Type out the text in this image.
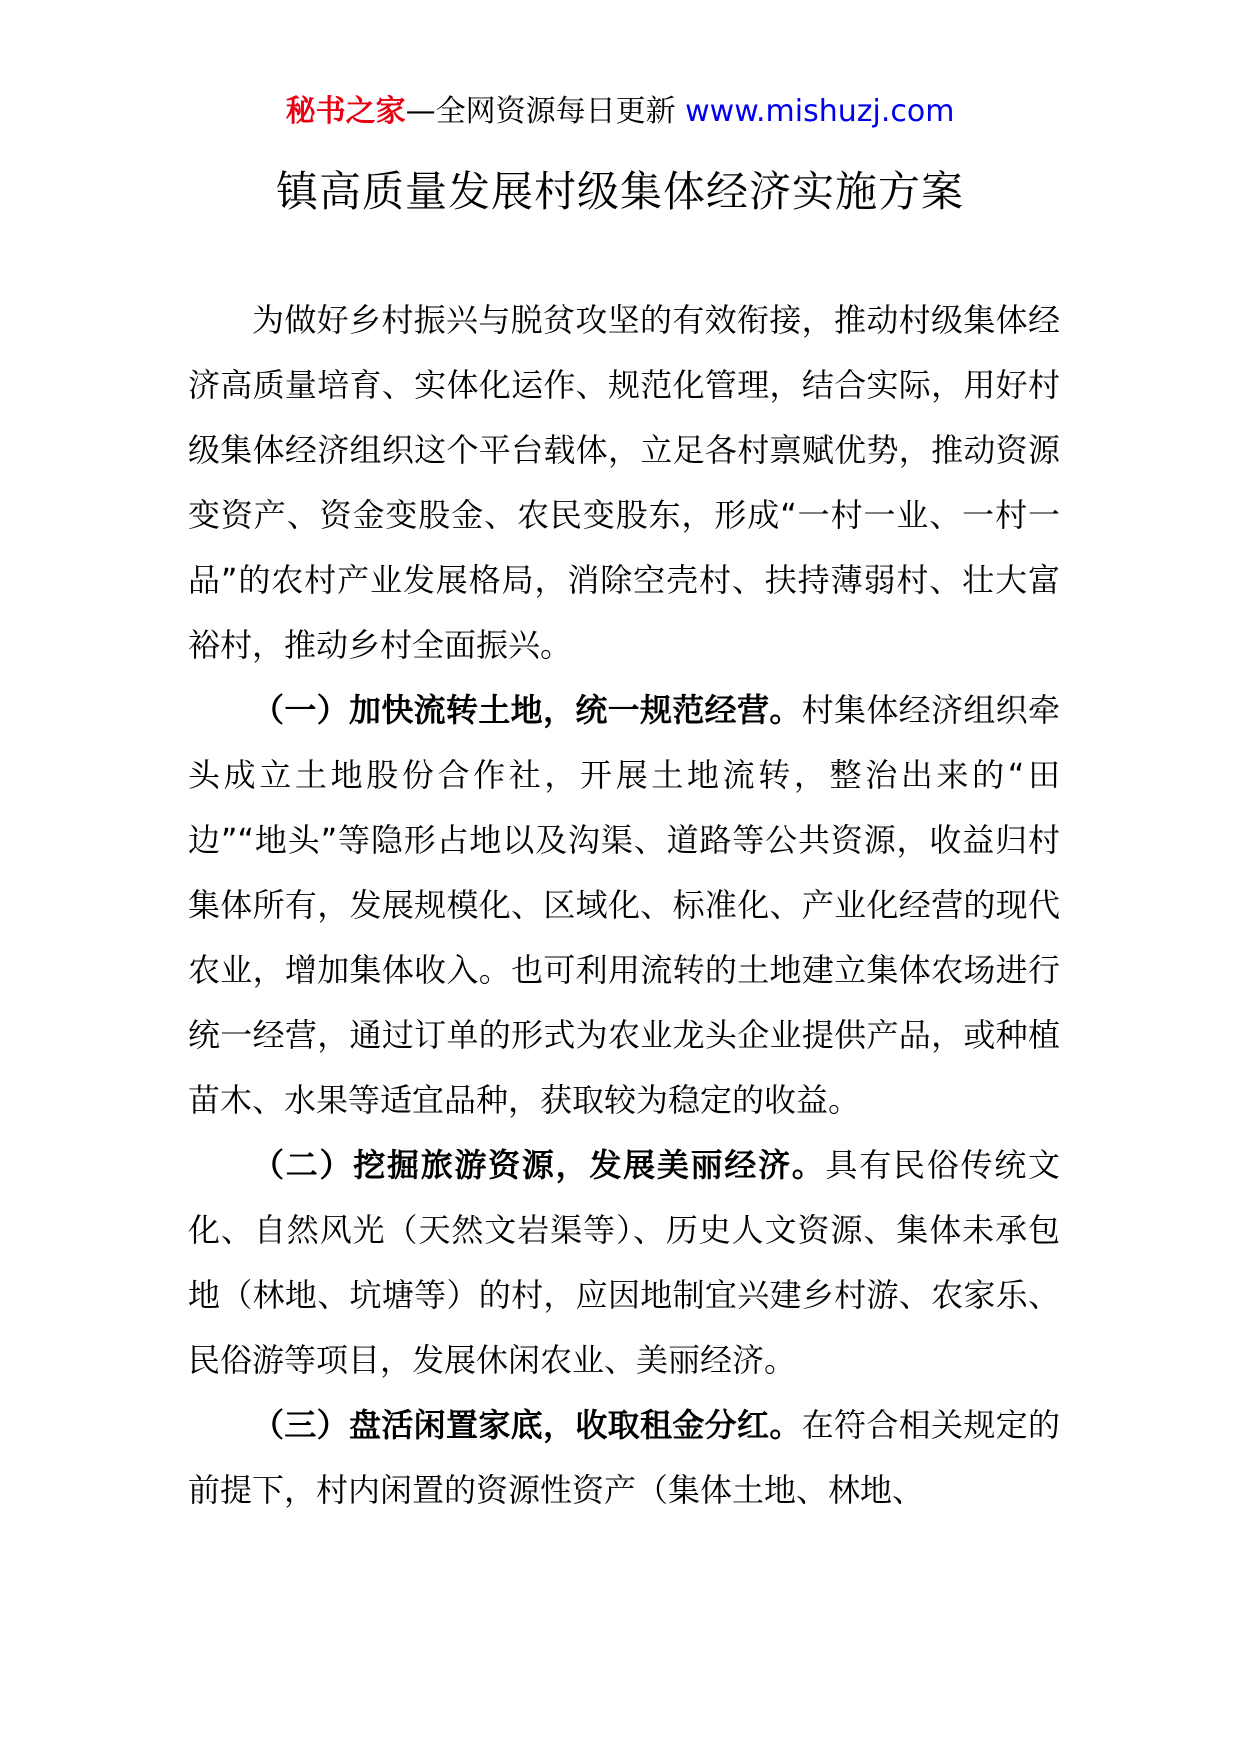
秘书之家—全网资源每日更新 www.mishuzj.com
镇高质量发展村级集体经济实施方案

为做好乡村振兴与脱贫攻坚的有效衔接，推动村级集体经济高质量培育、实体化运作、规范化管理，结合实际，用好村级集体经济组织这个平台载体，立足各村禀赋优势，推动资源变资产、资金变股金、农民变股东，形成“一村一业、一村一品”的农村产业发展格局，消除空壳村、扶持薄弱村、壮大富裕村，推动乡村全面振兴。

（一）加快流转土地，统一规范经营。村集体经济组织牵头成立土地股份合作社，开展土地流转，整治出来的“田边”“地头”等隐形占地以及沟渠、道路等公共资源，收益归村集体所有，发展规模化、区域化、标准化、产业化经营的现代农业，增加集体收入。也可利用流转的土地建立集体农场进行统一经营，通过订单的形式为农业龙头企业提供产品，或种植苗木、水果等适宜品种，获取较为稳定的收益。

（二）挖掘旅游资源，发展美丽经济。具有民俗传统文化、自然风光（天然文岩渠等）、历史人文资源、集体未承包地（林地、坑塘等）的村，应因地制宜兴建乡村游、农家乐、民俗游等项目，发展休闲农业、美丽经济。

（三）盘活闲置家底，收取租金分红。在符合相关规定的前提下，村内闲置的资源性资产（集体土地、林地、
